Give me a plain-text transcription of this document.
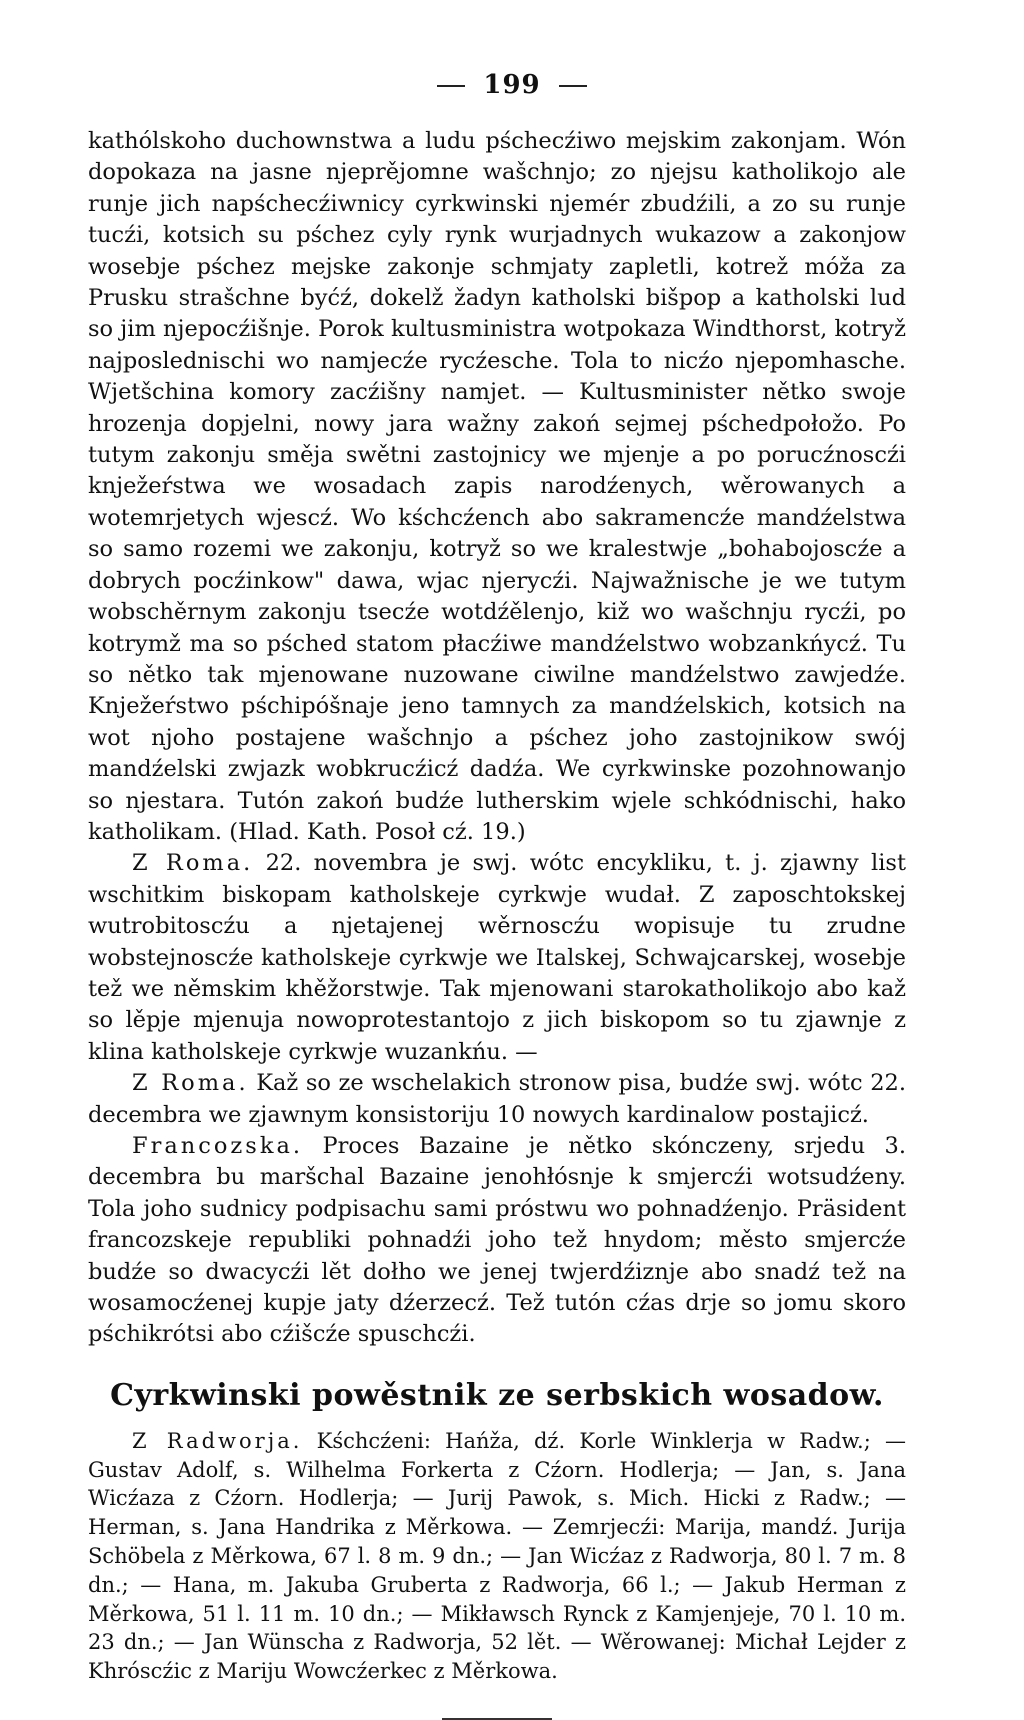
199

kathólskoho duchownstwa a ludu pśchecźiwo mejskim zakonjam. Wón dopokaza na jasne njeprějomne wašchnjo; zo njejsu katholikojo ale runje jich napśchecźiwnicy cyrkwinski njemér zbudźili, a zo su runje tucźi, kotsich su pśchez cyly rynk wurjadnych wukazow a zakonjow wosebje pśchez mejske zakonje schmjaty zapletli, kotrež móža za Prusku strašchne byćź, dokelž žadyn katholski bišpop a katholski lud so jim njepocźišnje. Porok kultusministra wotpokaza Windthorst, kotryž najposlednischi wo namjecźe rycźesche. Tola to nicźo njepomhasche. Wjetšchina komory zacźišny namjet. — Kultusminister nětko swoje hrozenja dopjelni, nowy jara wažny zakoń sejmej pśchedpołožo. Po tutym zakonju směja swětni zastojnicy we mjenje a po porucźnoscźi knježeŕstwa we wosadach zapis narodźenych, wěrowanych a wotemrjetych wjescź. Wo kśchcźench abo sakramencźe mandźelstwa so samo rozemi we zakonju, kotryž so we kralestwje „bohabojoscźe a dobrych pocźinkow" dawa, wjac njerycźi. Najwažnische je we tutym wobschěrnym zakonju tsecźe wotdźělenjo, kiž wo wašchnju rycźi, po kotrymž ma so pśched statom płacźiwe mandźelstwo wobzankńycź. Tu so nětko tak mjenowane nuzowane ciwilne mandźelstwo zawjedźe. Knježeŕstwo pśchipóšnaje jeno tamnych za mandźelskich, kotsich na wot njoho postajene wašchnjo a pśchez joho zastojnikow swój mandźelski zwjazk wobkrucźicź dadźa. We cyrkwinske pozohnowanjo so njestara. Tutón zakoń budźe lutherskim wjele schkódnischi, hako katholikam. (Hlad. Kath. Posoł cź. 19.)

Z Roma. 22. novembra je swj. wótc encykliku, t. j. zjawny list wschitkim biskopam katholskeje cyrkwje wudał. Z zaposchtokskej wutrobitoscźu a njetajenej wěrnoscźu wopisuje tu zrudne wobstejnoscźe katholskeje cyrkwje we Italskej, Schwajcarskej, wosebje tež we němskim khěžorstwje. Tak mjenowani starokatholikojo abo kaž so lěpje mjenuja nowoprotestantojo z jich biskopom so tu zjawnje z klina katholskeje cyrkwje wuzankńu. —

Z Roma. Kaž so ze wschelakich stronow pisa, budźe swj. wótc 22. decembra we zjawnym konsistoriju 10 nowych kardinalow postajicź.

Francozska. Proces Bazaine je nětko skónczeny, srjedu 3. decembra bu maršchal Bazaine jenohłósnje k smjercźi wotsudźeny. Tola joho sudnicy podpisachu sami próstwu wo pohnadźenjo. Präsident francozskeje republiki pohnadźi joho tež hnydom; město smjercźe budźe so dwacycźi lět dołho we jenej twjerdźiznje abo snadź tež na wosamocźenej kupje jaty dźerzecź. Tež tutón cźas drje so jomu skoro pśchikrótsi abo cźišcźe spuschcźi.

Cyrkwinski powěstnik ze serbskich wosadow.

Z Radworja. Kśchcźeni: Hańža, dź. Korle Winklerja w Radw.; — Gustav Adolf, s. Wilhelma Forkerta z Cźorn. Hodlerja; — Jan, s. Jana Wicźaza z Cźorn. Hodlerja; — Jurij Pawok, s. Mich. Hicki z Radw.; — Herman, s. Jana Handrika z Měrkowa. — Zemrjecźi: Marija, mandź. Jurija Schöbela z Měrkowa, 67 l. 8 m. 9 dn.; — Jan Wicźaz z Radworja, 80 l. 7 m. 8 dn.; — Hana, m. Jakuba Gruberta z Radworja, 66 l.; — Jakub Herman z Měrkowa, 51 l. 11 m. 10 dn.; — Mikławsch Rynck z Kamjenjeje, 70 l. 10 m. 23 dn.; — Jan Wünscha z Radworja, 52 lět. — Wěrowanej: Michał Lejder z Khróscźic z Mariju Wowcźerkec z Měrkowa.
